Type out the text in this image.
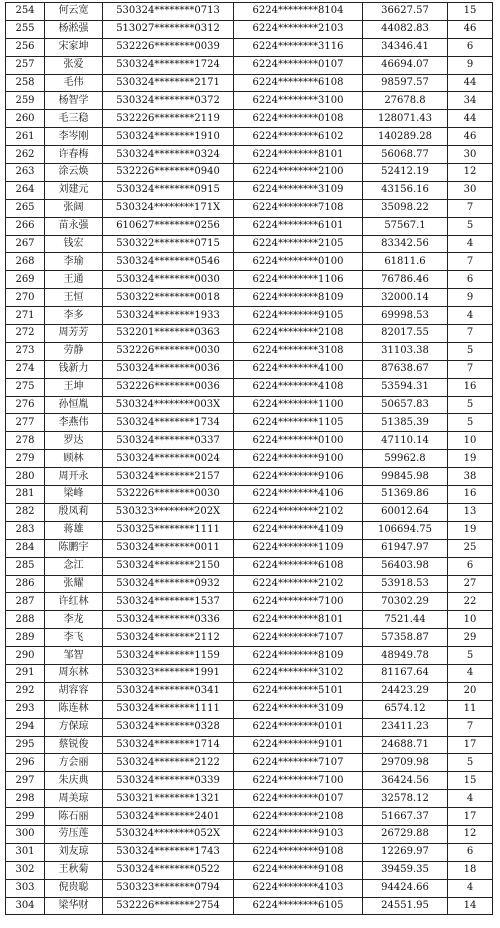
254	何云宽	530324********0713	6224********8104	36627.57	15
255	杨淞强	513027********0312	6224********2103	44082.83	46
256	宋家坤	532226********0039	6224********3116	34346.41	6
257	张爱	530324********1724	6224********0107	46694.07	9
258	毛伟	530324********2171	6224********6108	98597.57	44
259	杨智学	530324********0372	6224********3100	27678.8	34
260	毛三稳	532226********2119	6224********0108	128071.43	44
261	李岑刚	530324********1910	6224********6102	140289.28	46
262	许春梅	530324********0324	6224********8101	56068.77	30
263	涂云焕	532226********0940	6224********2100	52412.19	12
264	刘建元	530324********0915	6224********3109	43156.16	30
265	张阔	530324********171X	6224********7108	35098.22	7
266	苗永强	610627********0256	6224********6101	57567.1	5
267	钱宏	530322********0715	6224********2105	83342.56	4
268	李瑜	530324********0546	6224********0100	61811.6	7
269	王通	530324********0030	6224********1106	76786.46	6
270	王恒	530322********0018	6224********8109	32000.14	9
271	李多	530324********1933	6224********9105	69998.53	4
272	周芳芳	532201********0363	6224********2108	82017.55	7
273	劳静	532226********0030	6224********3108	31103.38	5
274	钱新力	530324********0036	6224********4100	87638.67	7
275	王坤	532226********0036	6224********4108	53594.31	16
276	孙恒胤	530324********003X	6224********1100	50657.83	5
277	李燕伟	530324********1734	6224********1105	51385.39	5
278	罗达	530324********0337	6224********0100	47110.14	10
279	顾林	530324********0024	6224********9100	59962.8	19
280	周开永	530324********2157	6224********9106	99845.98	38
281	梁峰	532226********0030	6224********4106	51369.86	16
282	殷凤莉	530323********202X	6224********2102	60012.64	13
283	蒋雄	530325********1111	6224********4109	106694.75	19
284	陈鹏宇	530324********0011	6224********1109	61947.97	25
285	念江	530324********2150	6224********6108	56403.98	6
286	张耀	530324********0932	6224********2102	53918.53	27
287	许红林	530324********1537	6224********7100	70302.29	22
288	李龙	530324********0336	6224********8101	7521.44	10
289	李飞	530324********2112	6224********7107	57358.87	29
290	邹智	530324********1159	6224********8109	48949.78	5
291	周东林	530323********1991	6224********3102	81167.64	4
292	胡容容	530324********0341	6224********5101	24423.29	20
293	陈连林	530324********1111	6224********3109	6574.12	11
294	方保琼	530324********0328	6224********0101	23411.23	7
295	蔡锐俊	530324********1714	6224********9101	24688.71	17
296	方会丽	530324********2122	6224********7107	29709.98	5
297	朱庆典	530324********0339	6224********7100	36424.56	15
298	周美琼	530321********1321	6224********0107	32578.12	4
299	陈石丽	530324********2401	6224********2108	51667.37	17
300	劳压莲	530324********052X	6224********9103	26729.88	12
301	刘友琼	530324********1743	6224********9108	12269.97	6
302	王秋菊	530324********0522	6224********9108	39459.35	18
303	倪贵聪	530323********0794	6224********4103	94424.66	4
304	梁华财	532226********2754	6224********6105	24551.95	14
